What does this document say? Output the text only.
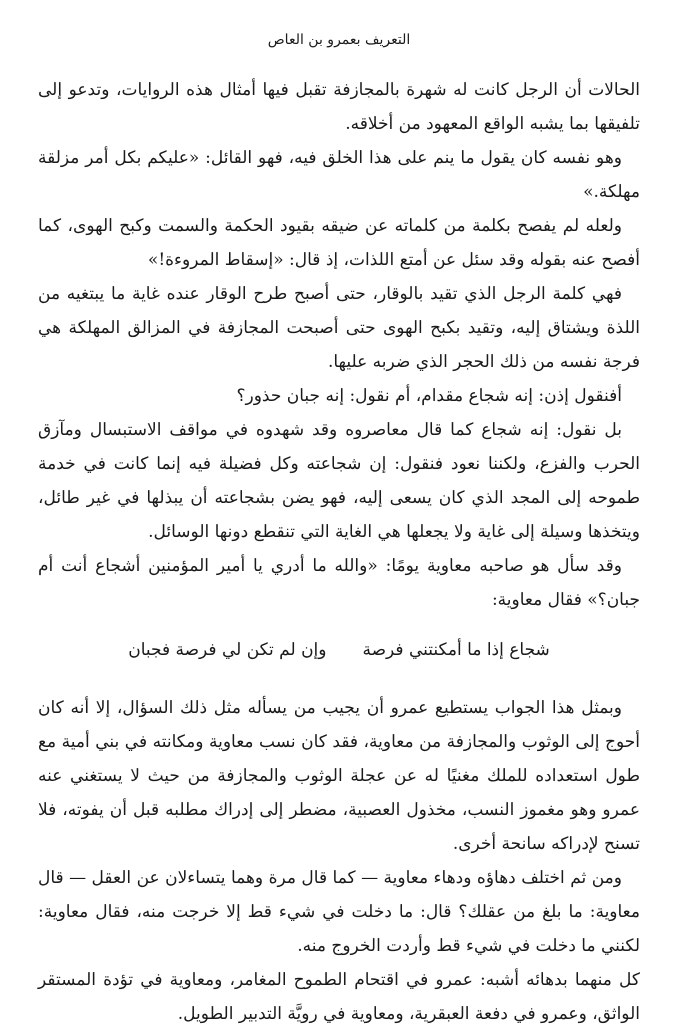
التعريف بعمرو بن العاص

الحالات أن الرجل كانت له شهرة بالمجازفة تقبل فيها أمثال هذه الروايات، وتدعو إلى تلفيقها بما يشبه الواقع المعهود من أخلاقه.

وهو نفسه كان يقول ما ينم على هذا الخلق فيه، فهو القائل: «عليكم بكل أمر مزلقة مهلكة.»

ولعله لم يفصح بكلمة من كلماته عن ضيقه بقيود الحكمة والسمت وكبح الهوى، كما أفصح عنه بقوله وقد سئل عن أمتع اللذات، إذ قال: «إسقاط المروءة!»

فهي كلمة الرجل الذي تقيد بالوقار، حتى أصبح طرح الوقار عنده غاية ما يبتغيه من اللذة ويشتاق إليه، وتقيد بكبح الهوى حتى أصبحت المجازفة في المزالق المهلكة هي فرجة نفسه من ذلك الحجر الذي ضربه عليها.

أفنقول إذن: إنه شجاع مقدام، أم نقول: إنه جبان حذور؟

بل نقول: إنه شجاع كما قال معاصروه وقد شهدوه في مواقف الاستبسال ومآزق الحرب والفزع، ولكننا نعود فنقول: إن شجاعته وكل فضيلة فيه إنما كانت في خدمة طموحه إلى المجد الذي كان يسعى إليه، فهو يضن بشجاعته أن يبذلها في غير طائل، ويتخذها وسيلة إلى غاية ولا يجعلها هي الغاية التي تنقطع دونها الوسائل.

وقد سأل هو صاحبه معاوية يومًا: «والله ما أدري يا أمير المؤمنين أشجاع أنت أم جبان؟» فقال معاوية:

شجاع إذا ما أمكنتني فرصة
وإن لم تكن لي فرصة فجبان

وبمثل هذا الجواب يستطيع عمرو أن يجيب من يسأله مثل ذلك السؤال، إلا أنه كان أحوج إلى الوثوب والمجازفة من معاوية، فقد كان نسب معاوية ومكانته في بني أمية مع طول استعداده للملك مغنيًا له عن عجلة الوثوب والمجازفة من حيث لا يستغني عنه عمرو وهو مغموز النسب، مخذول العصبية، مضطر إلى إدراك مطلبه قبل أن يفوته، فلا تسنح لإدراكه سانحة أخرى.

ومن ثم اختلف دهاؤه ودهاء معاوية — كما قال مرة وهما يتساءلان عن العقل — قال معاوية: ما بلغ من عقلك؟ قال: ما دخلت في شيء قط إلا خرجت منه، فقال معاوية: لكنني ما دخلت في شيء قط وأردت الخروج منه.

كل منهما بدهائه أشبه: عمرو في اقتحام الطموح المغامر، ومعاوية في تؤدة المستقر الواثق، وعمرو في دفعة العبقرية، ومعاوية في رويَّة التدبير الطويل.
